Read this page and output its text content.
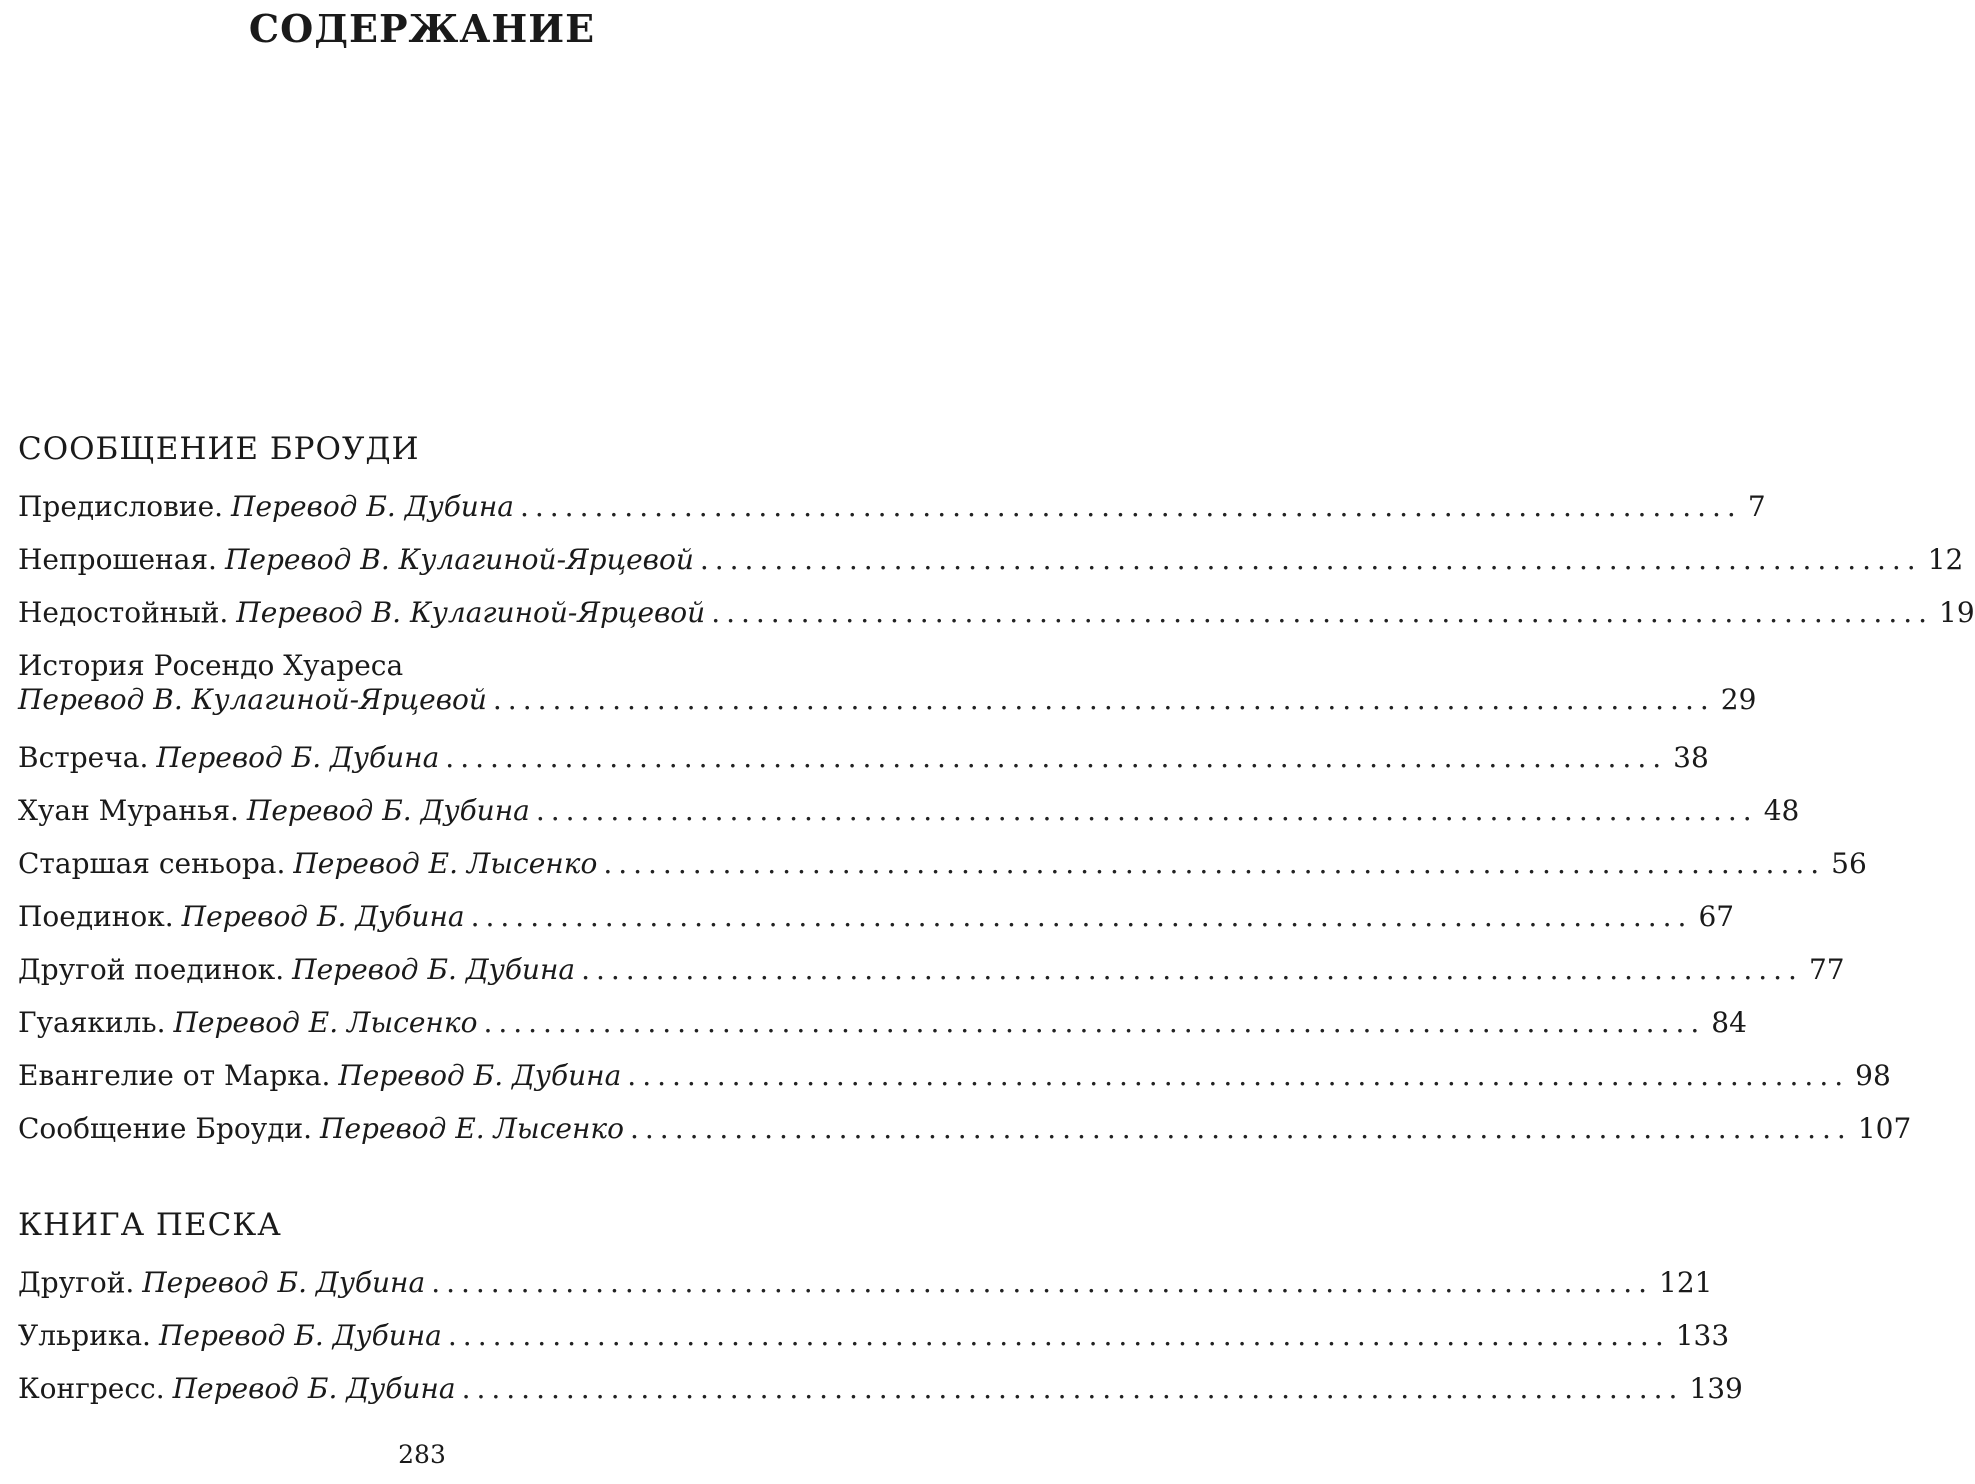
СОДЕРЖАНИЕ
СООБЩЕНИЕ БРОУДИ
Предисловие. Перевод Б. Дубина .................................................................................. 7
Непрошеная. Перевод В. Кулагиной-Ярцевой .................................................................................. 12
Недостойный. Перевод В. Кулагиной-Ярцевой .................................................................................. 19
История Росендо Хуареса
Перевод В. Кулагиной-Ярцевой .................................................................................. 29
Встреча. Перевод Б. Дубина .................................................................................. 38
Хуан Муранья. Перевод Б. Дубина .................................................................................. 48
Старшая сеньора. Перевод Е. Лысенко .................................................................................. 56
Поединок. Перевод Б. Дубина .................................................................................. 67
Другой поединок. Перевод Б. Дубина .................................................................................. 77
Гуаякиль. Перевод Е. Лысенко .................................................................................. 84
Евангелие от Марка. Перевод Б. Дубина .................................................................................. 98
Сообщение Броуди. Перевод Е. Лысенко .................................................................................. 107
КНИГА ПЕСКА
Другой. Перевод Б. Дубина .................................................................................. 121
Ульрика. Перевод Б. Дубина .................................................................................. 133
Конгресс. Перевод Б. Дубина .................................................................................. 139
283
